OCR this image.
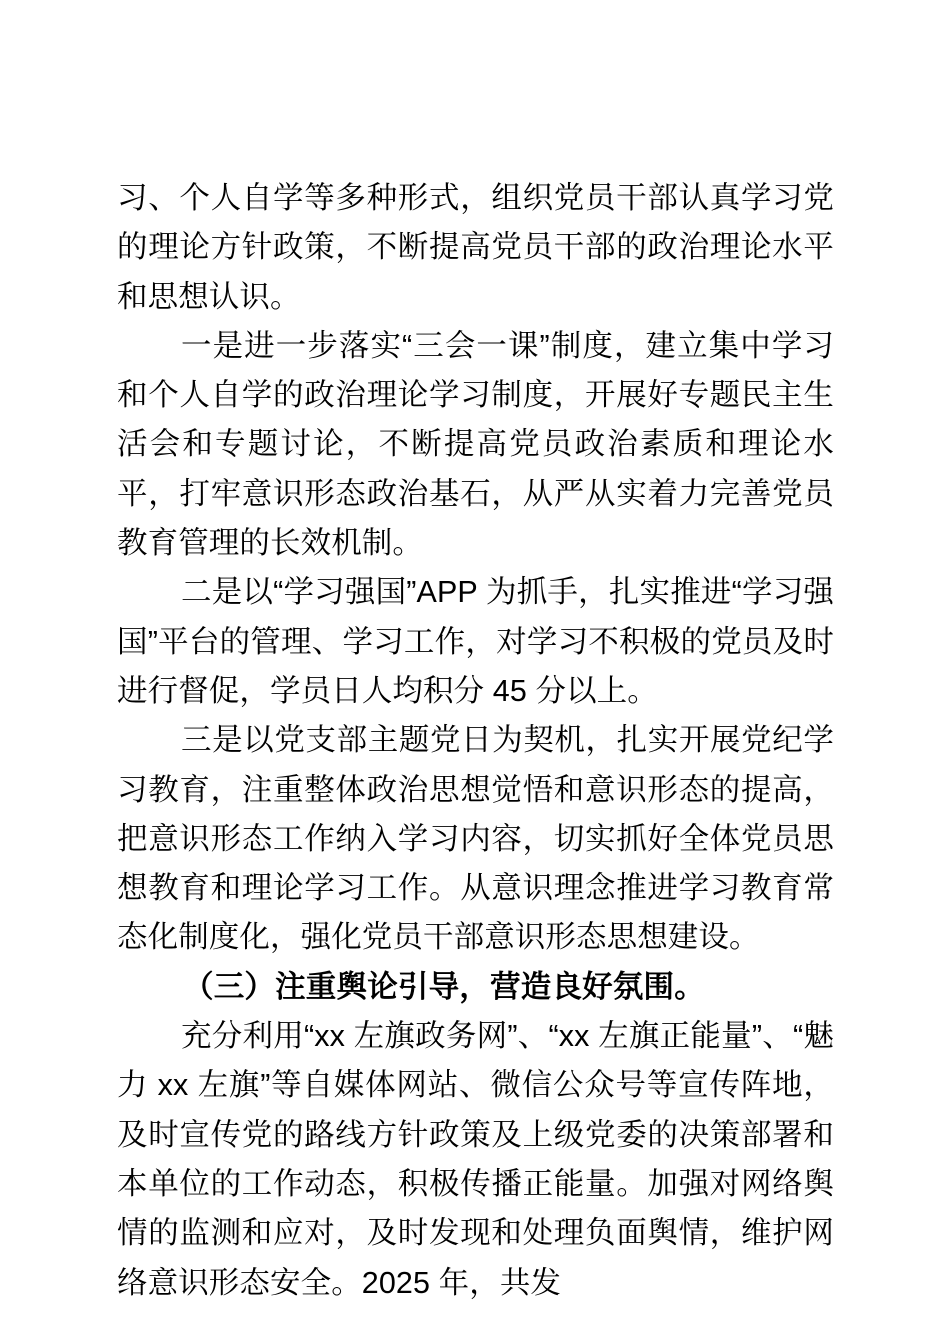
习、个人自学等多种形式，组织党员干部认真学习党的理论方针政策，不断提高党员干部的政治理论水平和思想认识。

一是进一步落实“三会一课”制度，建立集中学习和个人自学的政治理论学习制度，开展好专题民主生活会和专题讨论，不断提高党员政治素质和理论水平，打牢意识形态政治基石，从严从实着力完善党员教育管理的长效机制。

二是以“学习强国”APP 为抓手，扎实推进“学习强国”平台的管理、学习工作，对学习不积极的党员及时进行督促，学员日人均积分 45 分以上。

三是以党支部主题党日为契机，扎实开展党纪学习教育，注重整体政治思想觉悟和意识形态的提高，把意识形态工作纳入学习内容，切实抓好全体党员思想教育和理论学习工作。从意识理念推进学习教育常态化制度化，强化党员干部意识形态思想建设。

（三）注重舆论引导，营造良好氛围。

充分利用“xx 左旗政务网”、“xx 左旗正能量”、“魅力 xx 左旗”等自媒体网站、微信公众号等宣传阵地，及时宣传党的路线方针政策及上级党委的决策部署和本单位的工作动态，积极传播正能量。加强对网络舆情的监测和应对，及时发现和处理负面舆情，维护网络意识形态安全。2025 年，共发
